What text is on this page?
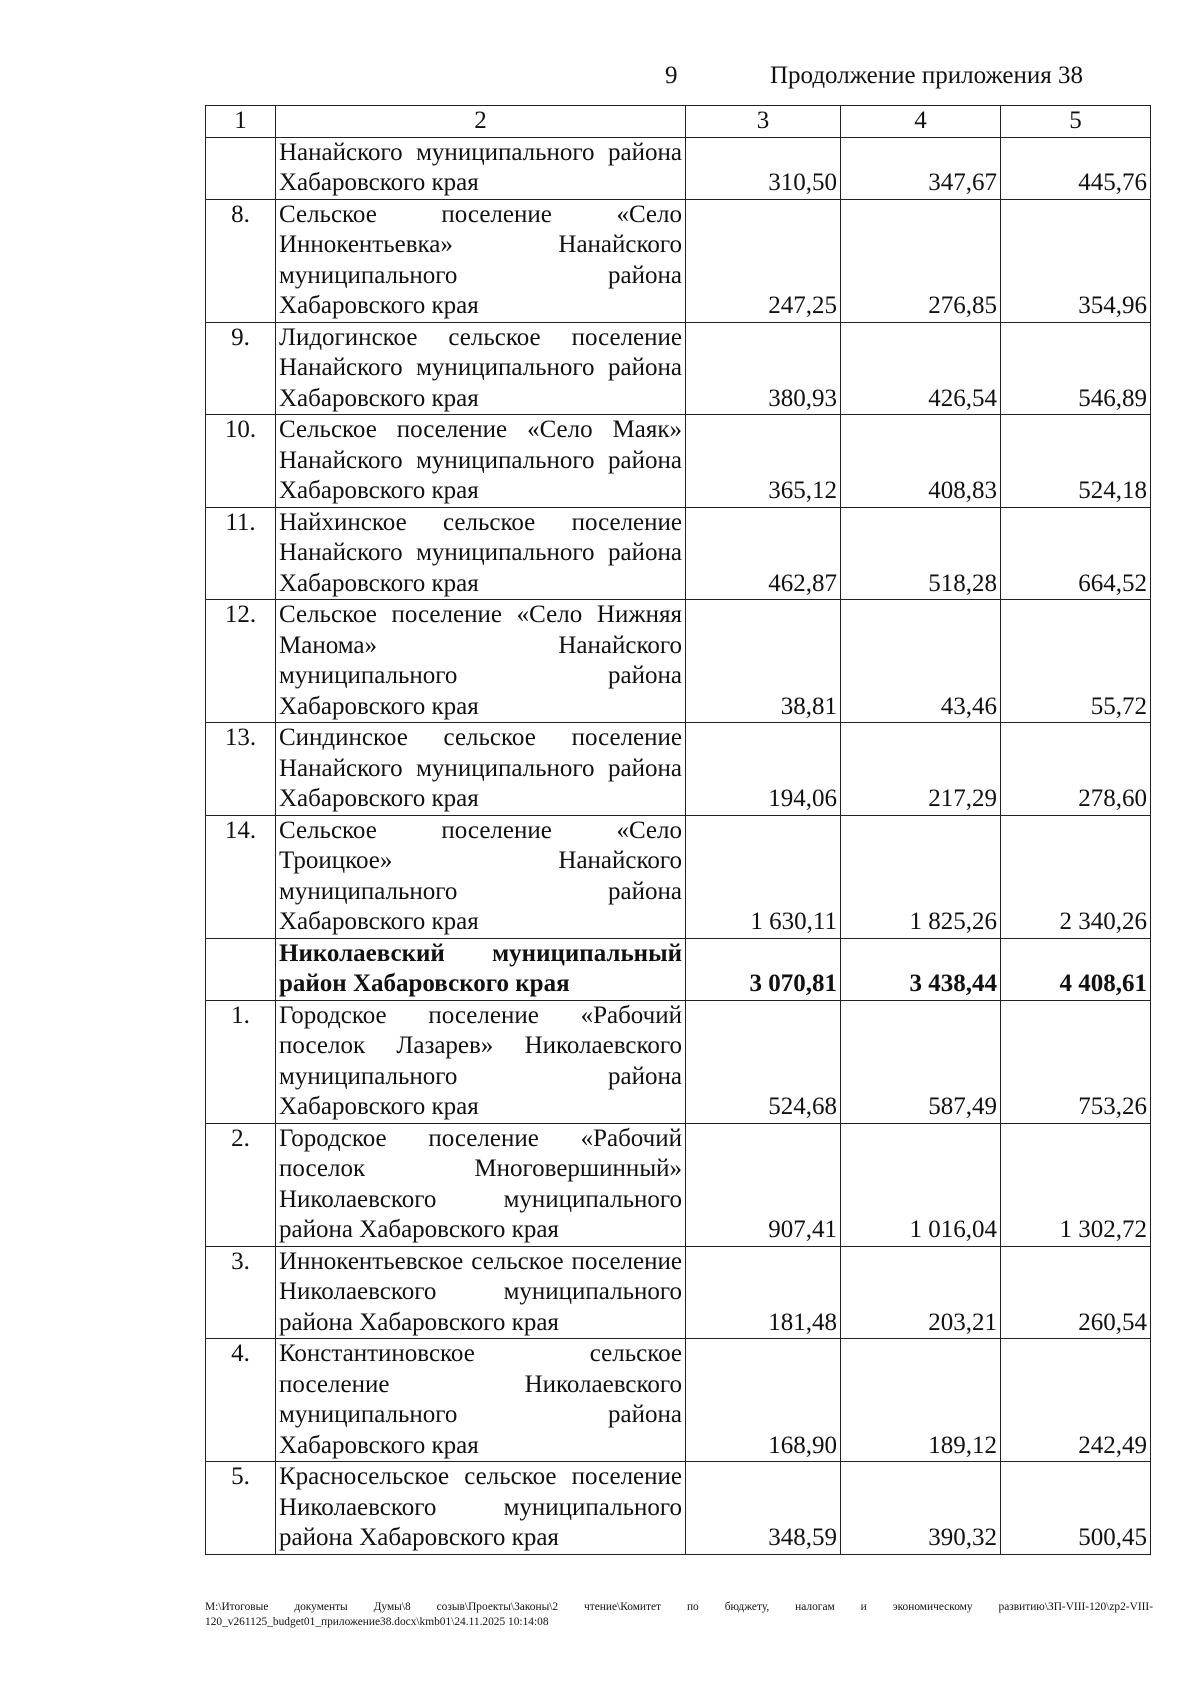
9	Продолжение приложения 38
1	2	3	4	5
	Нанайского муниципального района Хабаровского края	310,50	347,67	445,76
8.	Сельское поселение «Село Иннокентьевка» Нанайского муниципального района Хабаровского края	247,25	276,85	354,96
9.	Лидогинское сельское поселение Нанайского муниципального района Хабаровского края	380,93	426,54	546,89
10.	Сельское поселение «Село Маяк» Нанайского муниципального района Хабаровского края	365,12	408,83	524,18
11.	Найхинское сельское поселение Нанайского муниципального района Хабаровского края	462,87	518,28	664,52
12.	Сельское поселение «Село Нижняя Манома» Нанайского муниципального района Хабаровского края	38,81	43,46	55,72
13.	Синдинское сельское поселение Нанайского муниципального района Хабаровского края	194,06	217,29	278,60
14.	Сельское поселение «Село Троицкое» Нанайского муниципального района Хабаровского края	1 630,11	1 825,26	2 340,26
	Николаевский муниципальный район Хабаровского края	3 070,81	3 438,44	4 408,61
1.	Городское поселение «Рабочий поселок Лазарев» Николаевского муниципального района Хабаровского края	524,68	587,49	753,26
2.	Городское поселение «Рабочий поселок Многовершинный» Николаевского муниципального района Хабаровского края	907,41	1 016,04	1 302,72
3.	Иннокентьевское сельское поселение Николаевского муниципального района Хабаровского края	181,48	203,21	260,54
4.	Константиновское сельское поселение Николаевского муниципального района Хабаровского края	168,90	189,12	242,49
5.	Красносельское сельское поселение Николаевского муниципального района Хабаровского края	348,59	390,32	500,45
M:\Итоговые документы Думы\8 созыв\Проекты\Законы\2 чтение\Комитет по бюджету, налогам и экономическому развитию\ЗП-VIII-120\zp2-VIII-120_v261125_budget01_приложение38.docx\kmb01\24.11.2025 10:14:08
